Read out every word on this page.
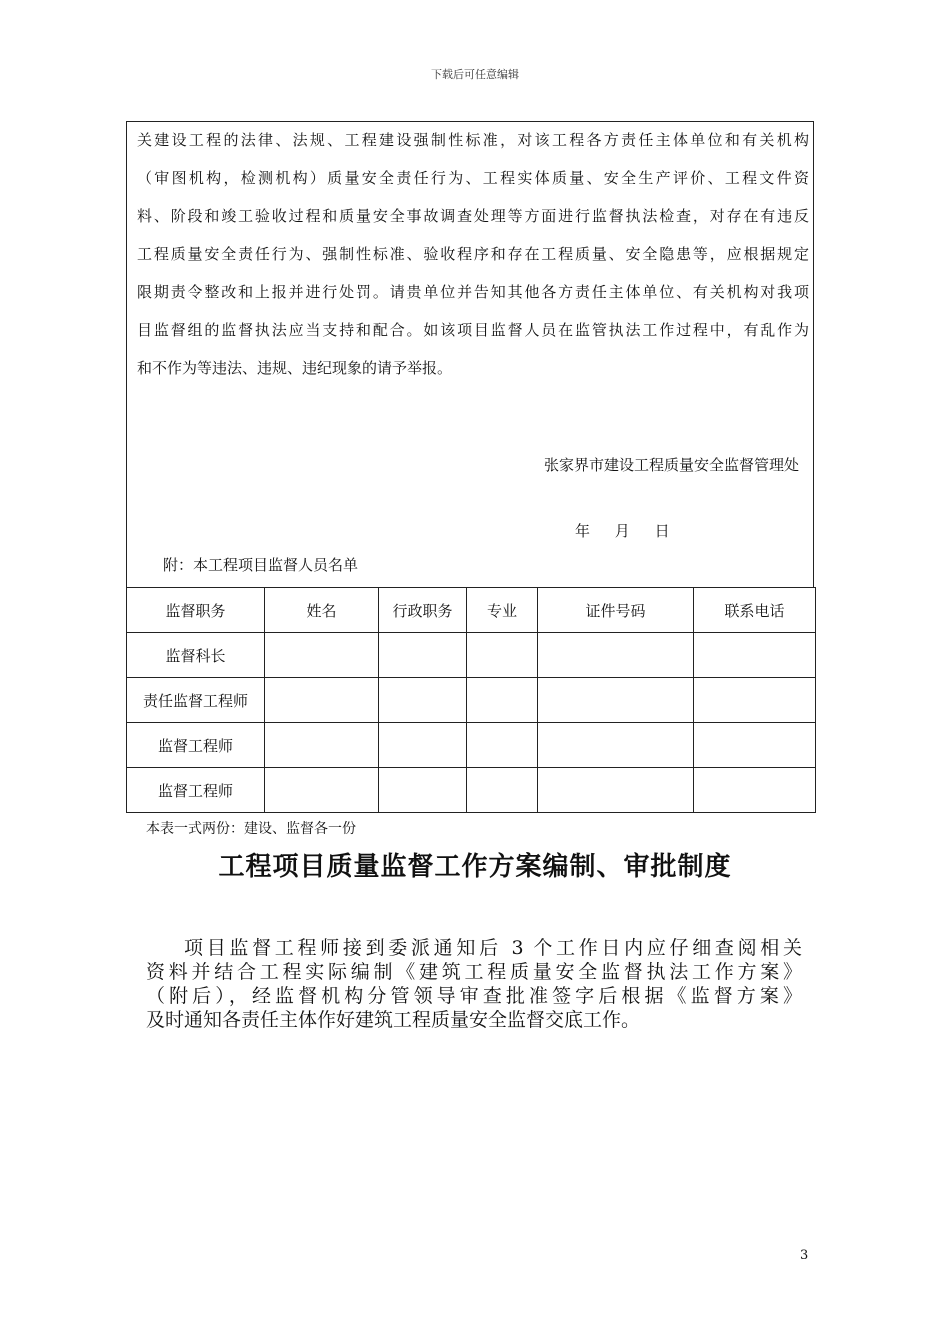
下载后可任意编辑
关建设工程的法律、法规、工程建设强制性标准，对该工程各方责任主体单位和有关机构
（审图机构，检测机构）质量安全责任行为、工程实体质量、安全生产评价、工程文件资
料、阶段和竣工验收过程和质量安全事故调查处理等方面进行监督执法检查，对存在有违反
工程质量安全责任行为、强制性标准、验收程序和存在工程质量、安全隐患等，应根据规定
限期责令整改和上报并进行处罚。请贵单位并告知其他各方责任主体单位、有关机构对我项
目监督组的监督执法应当支持和配合。如该项目监督人员在监管执法工作过程中，有乱作为
和不作为等违法、违规、违纪现象的请予举报。
张家界市建设工程质量安全监督管理处
年 月 日
附：本工程项目监督人员名单
监督职务	姓名	行政职务	专业	证件号码	联系电话
监督科长					
责任监督工程师					
监督工程师					
监督工程师					
本表一式两份：建设、监督各一份
工程项目质量监督工作方案编制、审批制度
项目监督工程师接到委派通知后 3 个工作日内应仔细查阅相关
资料并结合工程实际编制《建筑工程质量安全监督执法工作方案》
（附后），经监督机构分管领导审查批准签字后根据《监督方案》
及时通知各责任主体作好建筑工程质量安全监督交底工作。
3
